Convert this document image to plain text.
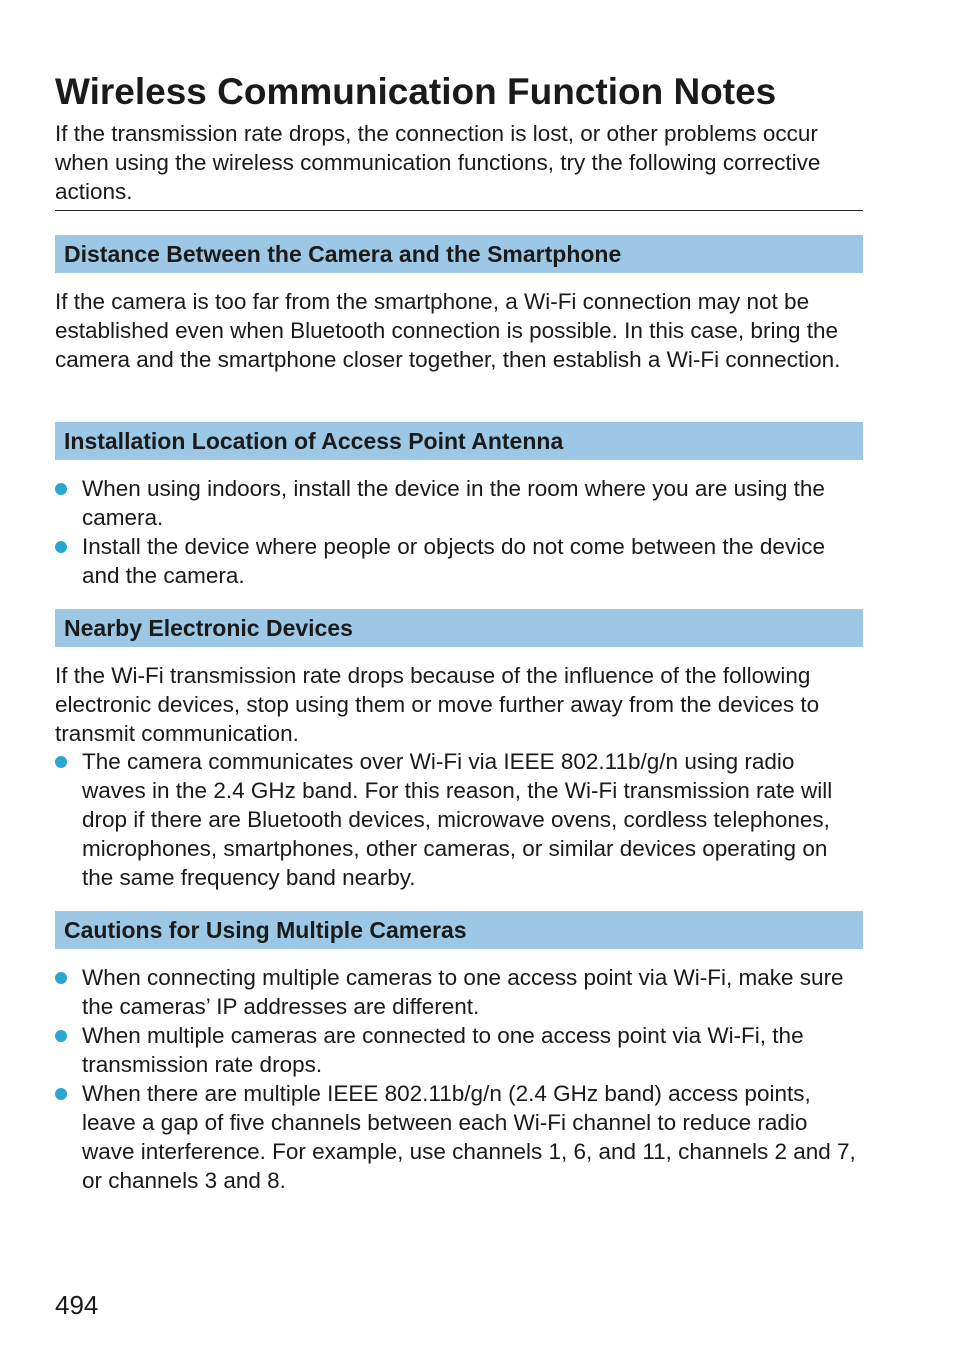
Wireless Communication Function Notes

If the transmission rate drops, the connection is lost, or other problems occur when using the wireless communication functions, try the following corrective actions.

Distance Between the Camera and the Smartphone

If the camera is too far from the smartphone, a Wi-Fi connection may not be established even when Bluetooth connection is possible. In this case, bring the camera and the smartphone closer together, then establish a Wi-Fi connection.

Installation Location of Access Point Antenna
When using indoors, install the device in the room where you are using the camera.
Install the device where people or objects do not come between the device and the camera.
Nearby Electronic Devices

If the Wi-Fi transmission rate drops because of the influence of the following electronic devices, stop using them or move further away from the devices to transmit communication.

The camera communicates over Wi-Fi via IEEE 802.11b/g/n using radio waves in the 2.4 GHz band. For this reason, the Wi-Fi transmission rate will drop if there are Bluetooth devices, microwave ovens, cordless telephones, microphones, smartphones, other cameras, or similar devices operating on the same frequency band nearby.
Cautions for Using Multiple Cameras
When connecting multiple cameras to one access point via Wi-Fi, make sure the cameras’ IP addresses are different.
When multiple cameras are connected to one access point via Wi-Fi, the transmission rate drops.
When there are multiple IEEE 802.11b/g/n (2.4 GHz band) access points, leave a gap of five channels between each Wi-Fi channel to reduce radio wave interference. For example, use channels 1, 6, and 11, channels 2 and 7, or channels 3 and 8.
494
